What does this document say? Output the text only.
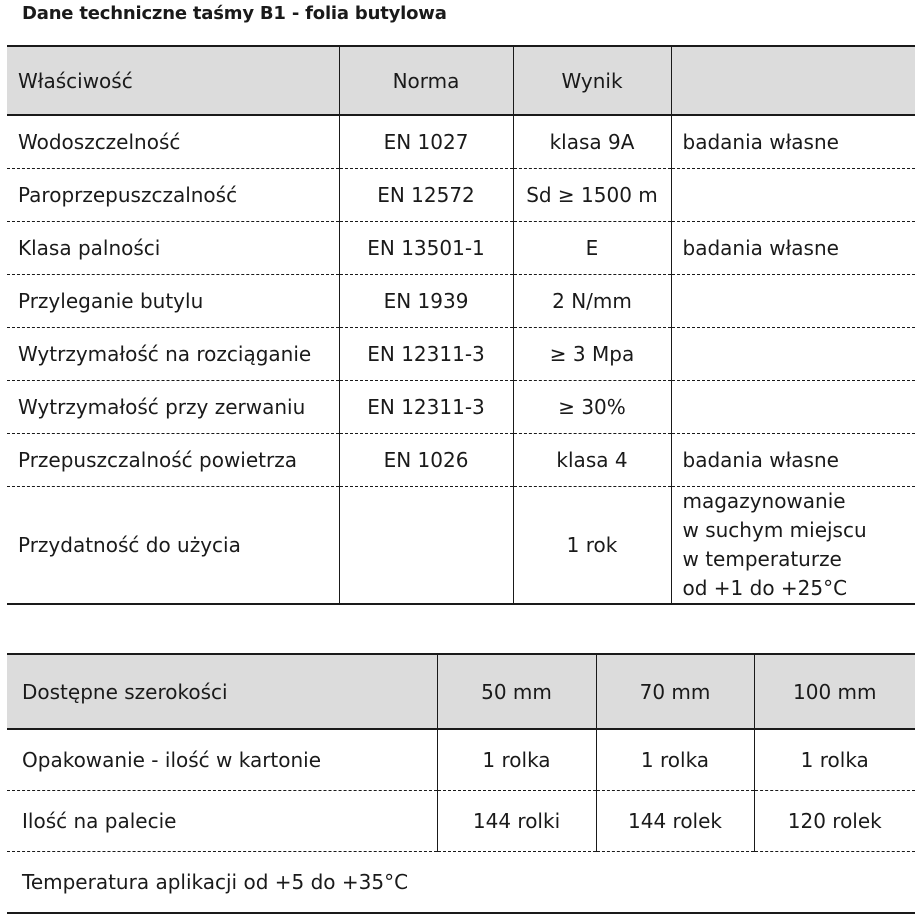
Dane techniczne taśmy B1 - folia butylowa
Właściwość	Norma	Wynik	
Wodoszczelność	EN 1027	klasa 9A	badania własne
Paroprzepuszczalność	EN 12572	Sd ≥ 1500 m	
Klasa palności	EN 13501-1	E	badania własne
Przyleganie butylu	EN 1939	2 N/mm	
Wytrzymałość na rozciąganie	EN 12311-3	≥ 3 Mpa	
Wytrzymałość przy zerwaniu	EN 12311-3	≥ 30%	
Przepuszczalność powietrza	EN 1026	klasa 4	badania własne
Przydatność do użycia		1 rok	magazynowanie
w suchym miejscu
w temperaturze
od +1 do +25°C
Dostępne szerokości	50 mm	70 mm	100 mm
Opakowanie - ilość w kartonie	1 rolka	1 rolka	1 rolka
Ilość na palecie	144 rolki	144 rolek	120 rolek
Temperatura aplikacji od +5 do +35°C			
